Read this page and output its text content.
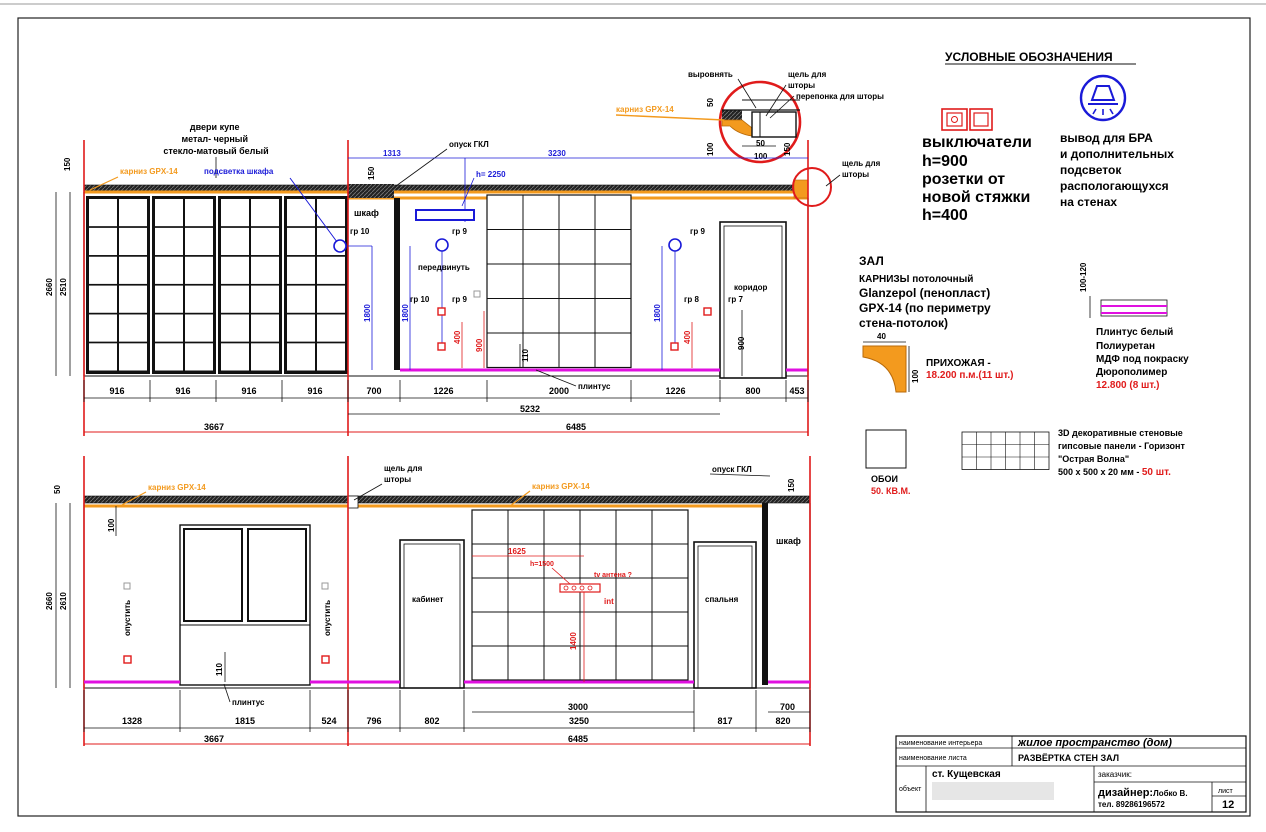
УСЛОВНЫЕ ОБОЗНАЧЕНИЯ
выключатели h=900 розетки от новой стяжки h=400
вывод для БРА и дополнительных подсветок распологающухся на стенах
ЗАЛ
КАРНИЗЫ потолочный Glanzepol (пенопласт) GPX-14 (по периметру стена-потолок)
40
100
ПРИХОЖАЯ -
18.200 п.м.(11 шт.)
100-120
Плинтус белый Полиуретан МДФ под покраску Дюрополимер
12.800 (8 шт.)
ОБОИ
50. КВ.М.
3D декоративные стеновые гипсовые панели - Горизонт "Острая Волна"
500 х 500 х 20 мм - 50 шт.
выровнять	щель для
шторы
перепонка для шторы
карниз GPX-14
50
100	150
50
100
двери купе метал- черный стекло-матовый белый
карниз GPX-14	подсветка шкафа
150
2660 2510
опуск ГКЛ
1313	3230
h= 2250
150
щель для
шторы
шкаф
гр 10	гр 9	гр 9
1800	1800	1800
передвинуть
гр 10	гр 9	гр 8	гр 7
коридор
400
900
400	900
110
плинтус
916	916	916	916	700	1226	2000	1226	800	453
5232
3667	6485
50	карниз GPX-14
щель для
шторы
карниз GPX-14
опуск ГКЛ
150
шкаф
100
2660 2610	опустить	опустить
кабинет	спальня
1625
h=1500
tv антена ?
int
1400
110
плинтус	3000	700
1328	1815	524	796	802	3250	817	820
3667	6485	наименование интерьера	жилое пространство (дом)
наименование листа	РАЗВЁРТКА СТЕН ЗАЛ
ст. Кущевская	заказчик:
объект	дизайнер:Лобко В.
тел. 89286196572
лист
12
